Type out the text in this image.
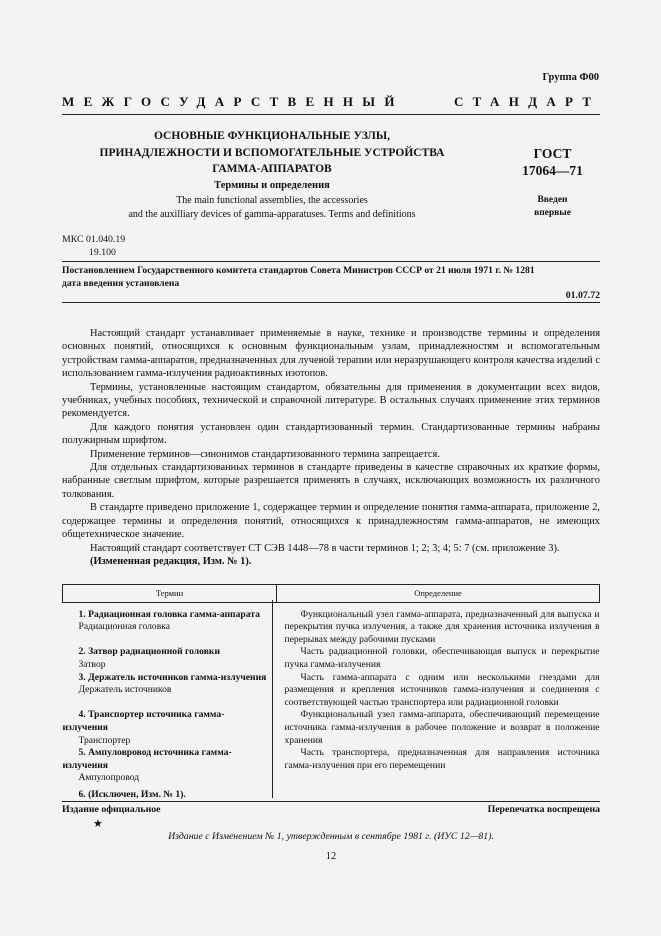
Группа Ф00
МЕЖГОСУДАРСТВЕННЫЙ    СТАНДАРТ
ОСНОВНЫЕ ФУНКЦИОНАЛЬНЫЕ УЗЛЫ,
ПРИНАДЛЕЖНОСТИ И ВСПОМОГАТЕЛЬНЫЕ УСТРОЙСТВА
ГАММА-АППАРАТОВ
Термины и определения
The main functional assemblies, the accessories
and the auxilliary devices of gamma-apparatuses. Terms and definitions
ГОСТ
17064—71
Введен
впервые
МКС 01.040.19
19.100
Постановлением Государственного комитета стандартов Совета Министров СССР от 21 июля 1971 г. № 1281
дата введения установлена
01.07.72

Настоящий стандарт устанавливает применяемые в науке, технике и производстве термины и определения основных понятий, относящихся к основным функциональным узлам, принадлежностям и вспомогательным устройствам гамма-аппаратов, предназначенных для лучевой терапии или неразрушающего контроля качества изделий с использованием гамма-излучения радиоактивных изотопов.

Термины, установленные настоящим стандартом, обязательны для применения в документации всех видов, учебниках, учебных пособиях, технической и справочной литературе. В остальных случаях применение этих терминов рекомендуется.

Для каждого понятия установлен один стандартизованный термин. Стандартизованные термины набраны полужирным шрифтом.

Применение терминов—синонимов стандартизованного термина запрещается.

Для отдельных стандартизованных терминов в стандарте приведены в качестве справочных их краткие формы, набранные светлым шрифтом, которые разрешается применять в случаях, исключающих возможность их различного толкования.

В стандарте приведено приложение 1, содержащее термин и определение понятия гамма-аппарата, приложение 2, содержащее термины и определения понятий, относящихся к принадлежностям гамма-аппаратов, не имеющих общетехническое значение.

Настоящий стандарт соответствует СТ СЭВ 1448—78 в части терминов 1; 2; 3; 4; 5: 7 (см. приложение 3).

(Измененная редакция, Изм. № 1).

Термин	Определение

1. Радиационная головка гамма-аппарата
Радиационная головка	Функциональный узел гамма-аппарата, предназначенный для выпуска и перекрытия пучка излучения, а также для хранения источника излучения в перерывах между рабочими пусками

2. Затвор радиационной головки
Затвор	Часть радиационной головки, обеспечивающая выпуск и перекрытие пучка гамма-излучения

3. Держатель источников гамма-излучения
Держатель источников	Часть гамма-аппарата с одним или несколькими гнездами для размещения и крепления источников гамма-излучения и соединения с соответствующей частью транспортера или радиационной головки

4. Транспортер источника гамма-излучения
Транспортер	Функциональный узел гамма-аппарата, обеспечивающий перемещение источника гамма-излучения в рабочее положение и возврат в положение хранения

5. Ампуловровод источника гамма-излучения
Ампулопровод	Часть транспортера, предназначенная для направления источника гамма-излучения при его перемещении

6. (Исключен, Изм. № 1).	

Издание официальное	Перепечатка воспрещена
★
Издание с Изменением № 1, утвержденным в сентябре 1981 г. (ИУС 12—81).
12
